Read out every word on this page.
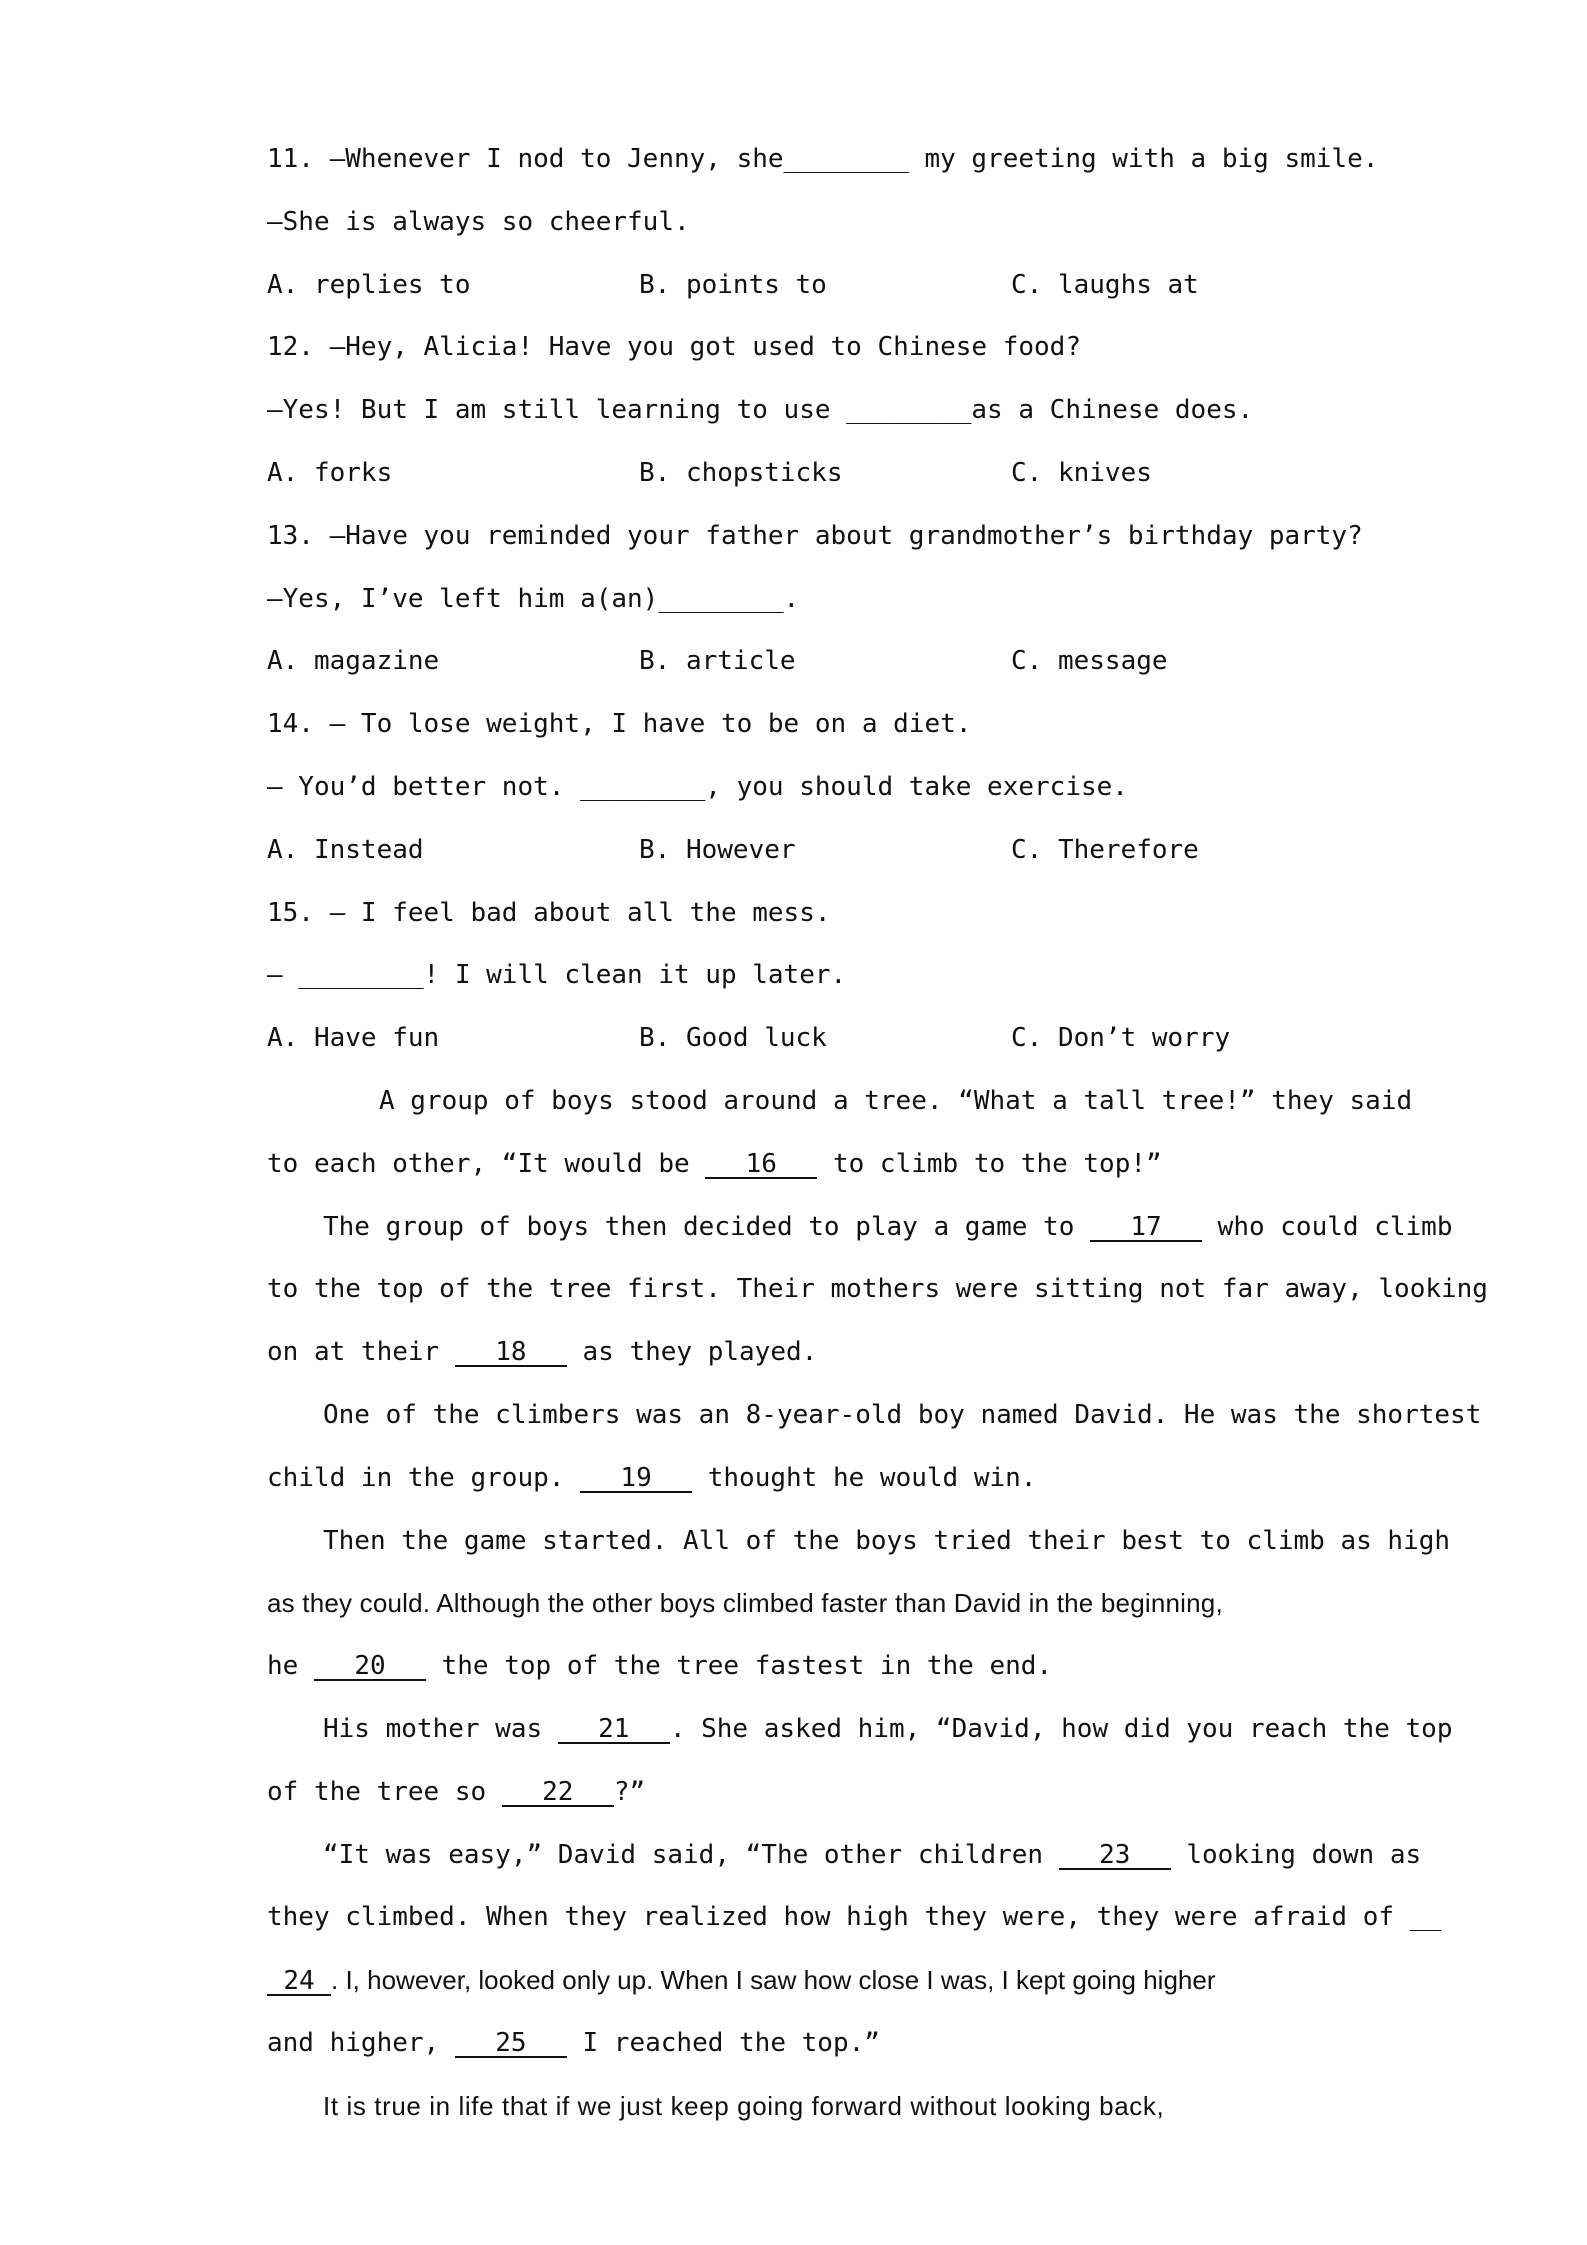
11. —Whenever I nod to Jenny, she________ my greeting with a big smile.
—She is always so cheerful.
A. replies to	B. points to	C. laughs at
12. —Hey, Alicia! Have you got used to Chinese food?
—Yes! But I am still learning to use ________as a Chinese does.
A. forks	B. chopsticks	C. knives
13. —Have you reminded your father about grandmother’s birthday party?
—Yes, I’ve left him a(an)________.
A. magazine	B. article	C. message
14. — To lose weight, I have to be on a diet.
— You’d better not. ________, you should take exercise.
A. Instead	B. However	C. Therefore
15. — I feel bad about all the mess.
— ________! I will clean it up later.
A. Have fun	B. Good luck	C. Don’t worry
A group of boys stood around a tree. “What a tall tree!” they said
to each other, “It would be 16 to climb to the top!”
The group of boys then decided to play a game to 17 who could climb
to the top of the tree first. Their mothers were sitting not far away, looking
on at their 18 as they played.
One of the climbers was an 8-year-old boy named David. He was the shortest
child in the group. 19 thought he would win.
Then the game started. All of the boys tried their best to climb as high
as they could. Although the other boys climbed faster than David in the beginning,
he 20 the top of the tree fastest in the end.
His mother was 21 . She asked him, “David, how did you reach the top
of the tree so 22 ?”
“It was easy,” David said, “The other children 23 looking down as
they climbed. When they realized how high they were, they were afraid of __
24 . I, however, looked only up. When I saw how close I was, I kept going higher
and higher, 25 I reached the top.”
It is true in life that if we just keep going forward without looking back,
